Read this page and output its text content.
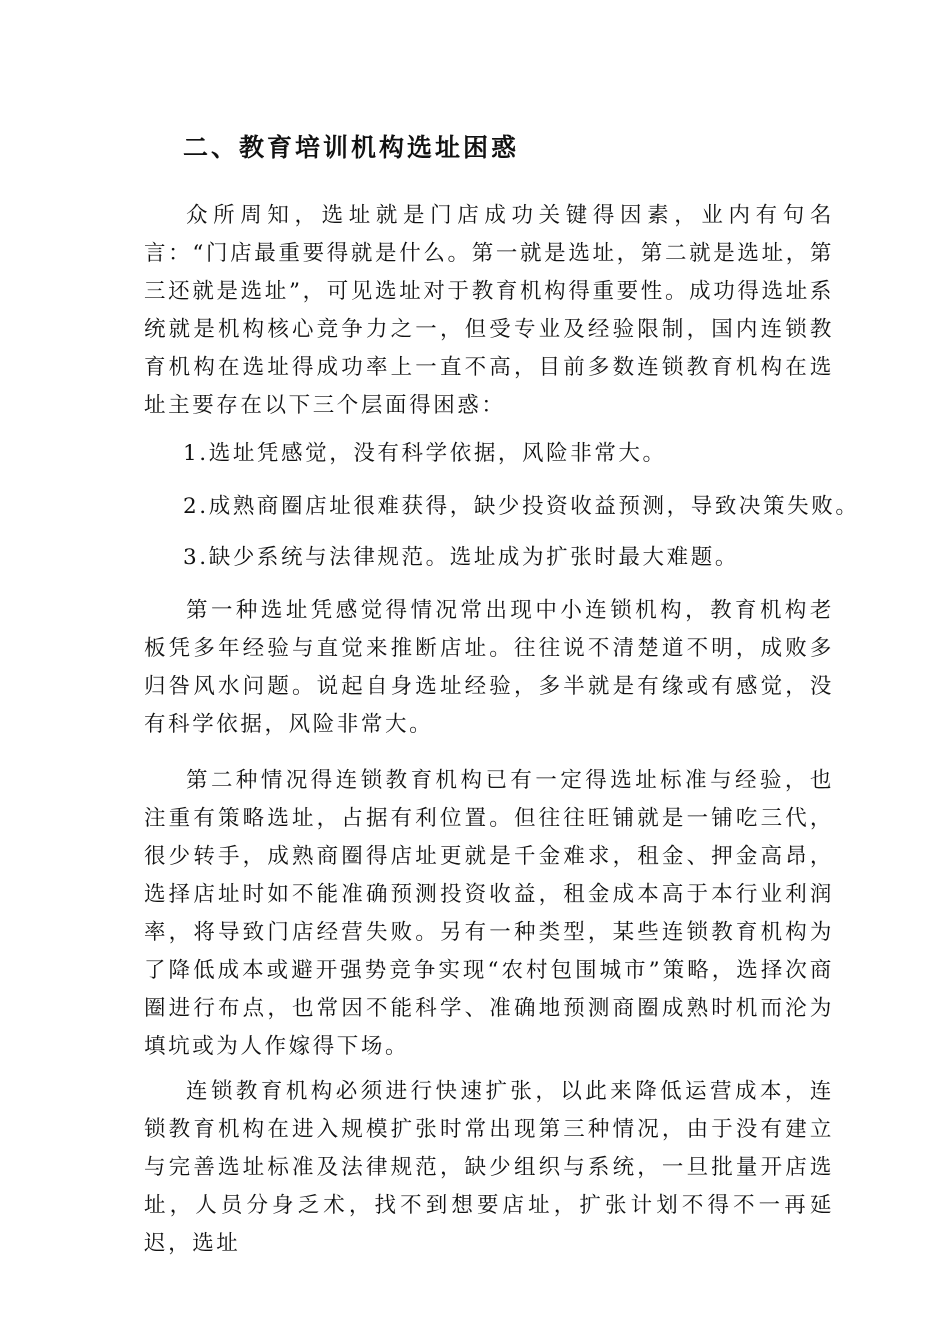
二、教育培训机构选址困惑

众所周知，选址就是门店成功关键得因素，业内有句名言：“门店最重要得就是什么。第一就是选址，第二就是选址，第三还就是选址”，可见选址对于教育机构得重要性。成功得选址系统就是机构核心竞争力之一，但受专业及经验限制，国内连锁教育机构在选址得成功率上一直不高，目前多数连锁教育机构在选址主要存在以下三个层面得困惑：

1.选址凭感觉，没有科学依据，风险非常大。

2.成熟商圈店址很难获得，缺少投资收益预测，导致决策失败。

3.缺少系统与法律规范。选址成为扩张时最大难题。

第一种选址凭感觉得情况常出现中小连锁机构，教育机构老板凭多年经验与直觉来推断店址。往往说不清楚道不明，成败多归咎风水问题。说起自身选址经验，多半就是有缘或有感觉，没有科学依据，风险非常大。

第二种情况得连锁教育机构已有一定得选址标准与经验，也注重有策略选址，占据有利位置。但往往旺铺就是一铺吃三代，很少转手，成熟商圈得店址更就是千金难求，租金、押金高昂，选择店址时如不能准确预测投资收益，租金成本高于本行业利润率，将导致门店经营失败。另有一种类型，某些连锁教育机构为了降低成本或避开强势竞争实现“农村包围城市”策略，选择次商圈进行布点，也常因不能科学、准确地预测商圈成熟时机而沦为填坑或为人作嫁得下场。

连锁教育机构必须进行快速扩张，以此来降低运营成本，连锁教育机构在进入规模扩张时常出现第三种情况，由于没有建立与完善选址标准及法律规范，缺少组织与系统，一旦批量开店选址，人员分身乏术，找不到想要店址，扩张计划不得不一再延迟，选址
